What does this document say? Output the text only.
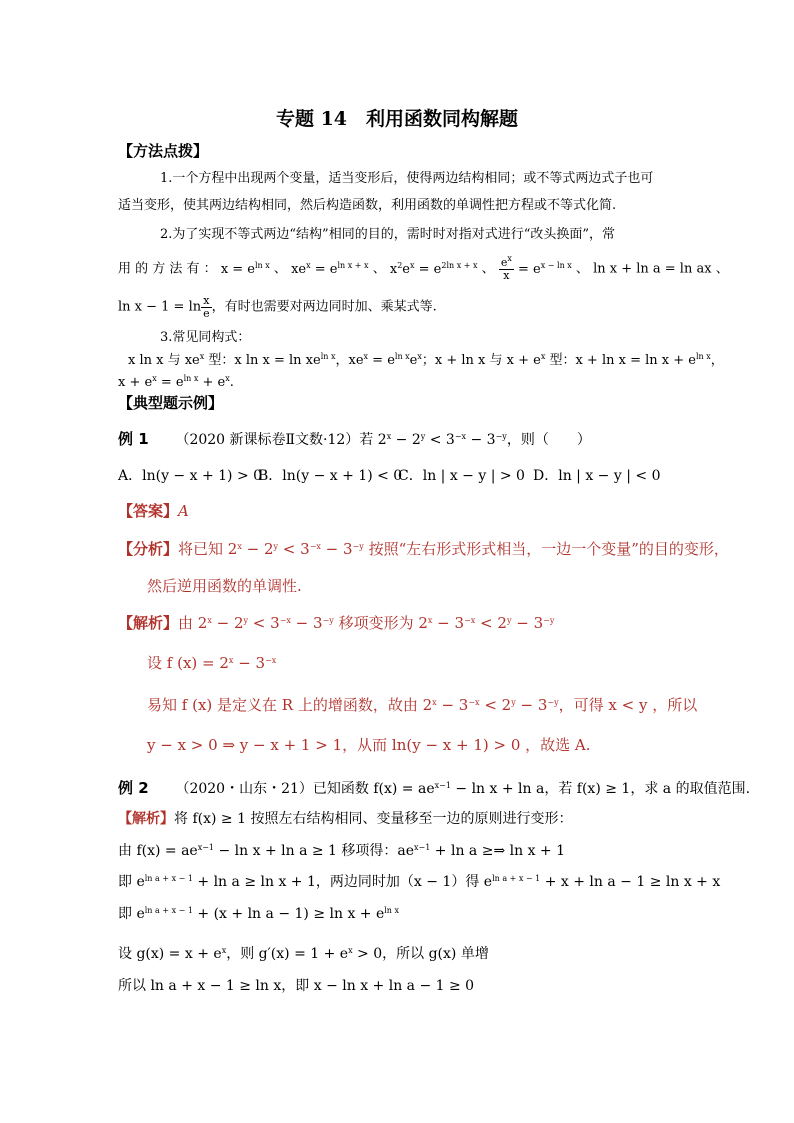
专题 14　利用函数同构解题
【方法点拨】
1.一个方程中出现两个变量，适当变形后，使得两边结构相同；或不等式两边式子也可
适当变形，使其两边结构相同，然后构造函数，利用函数的单调性把方程或不等式化简.
2.为了实现不等式两边“结构”相同的目的，需时时对指对式进行“改头换面”，常
用 的 方 法 有 ： $x = e^{ln x}$ 、 $xe^x = e^{ln x + x}$ 、 $x^2e^x = e^{2ln x + x}$ 、 $\frac{e^x}{x} = e^{x - ln x}$ 、 ln x + ln a = ln ax 、
$\ln x - 1 = \ln \frac{x}{e}$ ，有时也需要对两边同时加、乘某式等.
3.常见同构式：
x ln x 与 $xe^x$ 型：x $\ln x = \ln xe^{ln x}$，$xe^x = e^{ln x}e^x$；x + ln x 与 $x + e^x$ 型：$x + \ln x = \ln x + e^{ln x}$，
$x + e^x = e^{ln x} + e^x$.
【典型题示例】
例 1 （2020 新课标卷Ⅱ文数·12）若 $2^x - 2^y < 3^{-x} - 3^{-y}$，则（　　）
A．ln(y − x + 1) > 0
B．ln(y − x + 1) < 0
C．ln | x − y | > 0 D．ln | x − y | < 0
【答案】A
【分析】将已知 $2^x - 2^y < 3^{-x} - 3^{-y}$ 按照“左右形式形式相当，一边一个变量”的目的变形，
然后逆用函数的单调性.
【解析】由 $2^x - 2^y < 3^{-x} - 3^{-y}$ 移项变形为 $2^x - 3^{-x} < 2^y - 3^{-y}$
设 f $(x) = 2^x - 3^{-x}$
易知 f (x) 是定义在 R 上的增函数，故由 $2^x - 3^{-x} < 2^y - 3^{-y}$，可得 x < y ，所以
y − x > 0 ⇒ y − x + 1 > 1，从而 ln(y − x + 1) > 0 ，故选 A.
例 2 （2020・山东・21）已知函数 $f(x) = ae^{x-1} - \ln x + \ln a$，若 f(x) ≥ 1，求 a 的取值范围.
【解析】将 f(x) ≥ 1 按照左右结构相同、变量移至一边的原则进行变形：
由 $f(x) = ae^{x-1} - \ln x + \ln a \ge 1$ 移项得：$ae^{x-1} + \ln a$ ≥⇒ ln x + 1
即 $e^{ln a + x - 1} + \ln a \ge \ln x + 1$，两边同时加（x − 1）得 $e^{ln a + x - 1} + x + \ln a - 1 \ge \ln x + x$
即 $e^{ln a + x - 1} + (x + \ln a - 1) \ge \ln x + e^{ln x}$
设 $g(x) = x + e^x$，则 $g'(x) = 1 + e^x > 0$，所以 g(x) 单增
所以 ln a + x − 1 ≥ ln x，即 x − ln x + ln a − 1 ≥ 0
